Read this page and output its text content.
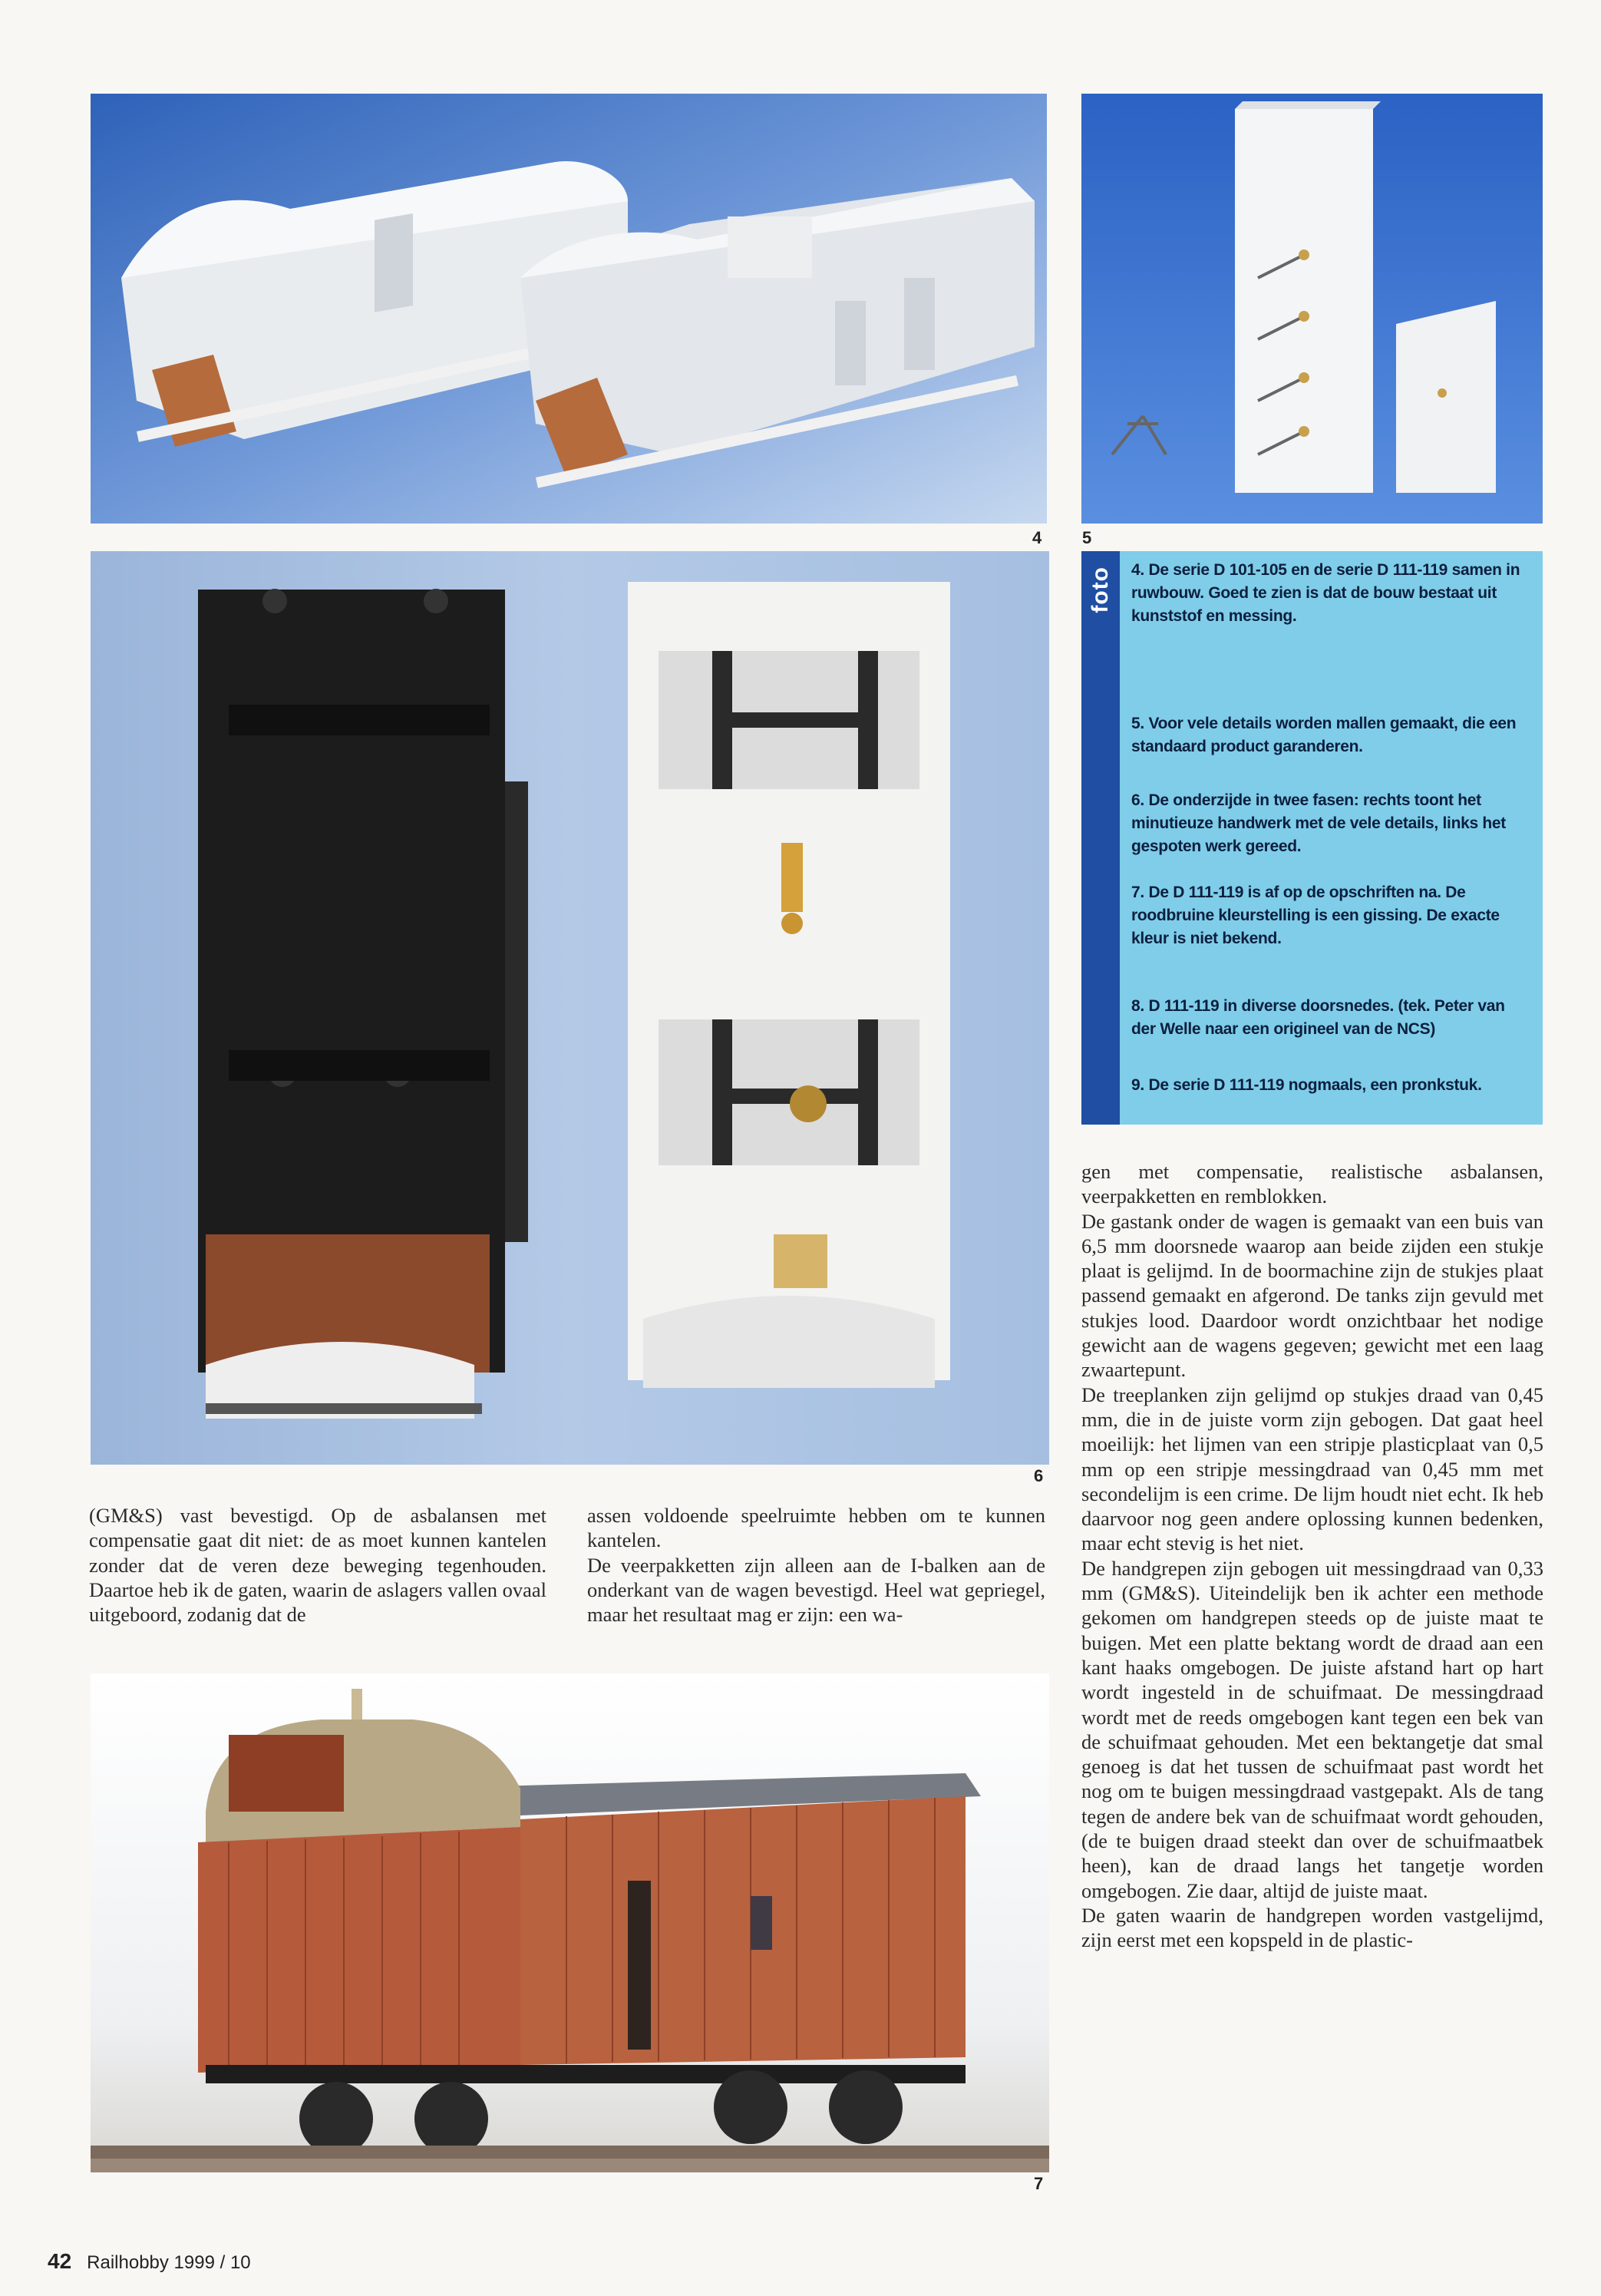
4 5
foto 4. De serie D 101-105 en de serie D 111-119 samen in ruwbouw. Goed te zien is dat de bouw bestaat uit kunststof en messing.
5. Voor vele details worden mallen gemaakt, die een standaard product garanderen.
6. De onderzijde in twee fasen: rechts toont het minutieuze handwerk met de vele details, links het gespoten werk gereed.
7. De D 111-119 is af op de opschriften na. De roodbruine kleurstelling is een gissing. De exacte kleur is niet bekend.
8. D 111-119 in diverse doorsnedes. (tek. Peter van der Welle naar een origineel van de NCS)
9. De serie D 111-119 nogmaals, een pronkstuk.
6
(GM&S) vast bevestigd. Op de asbalansen met compensatie gaat dit niet: de as moet kunnen kantelen zonder dat de veren deze beweging tegenhouden. Daartoe heb ik de gaten, waarin de aslagers vallen ovaal uitgeboord, zodanig dat de

assen voldoende speelruimte hebben om te kunnen kantelen.

De veerpakketten zijn alleen aan de I-balken aan de onderkant van de wagen bevestigd. Heel wat gepriegel, maar het resultaat mag er zijn: een wa-

gen met compensatie, realistische asbalansen, veerpakketten en remblokken.

De gastank onder de wagen is gemaakt van een buis van 6,5 mm doorsnede waarop aan beide zijden een stukje plaat is gelijmd. In de boormachine zijn de stukjes plaat passend gemaakt en afgerond. De tanks zijn gevuld met stukjes lood. Daardoor wordt onzichtbaar het nodige gewicht aan de wagens gegeven; gewicht met een laag zwaartepunt.

De treeplanken zijn gelijmd op stukjes draad van 0,45 mm, die in de juiste vorm zijn gebogen. Dat gaat heel moeilijk: het lijmen van een stripje plasticplaat van 0,5 mm op een stripje messingdraad van 0,45 mm met secondelijm is een crime. De lijm houdt niet echt. Ik heb daarvoor nog geen andere oplossing kunnen bedenken, maar echt stevig is het niet.

De handgrepen zijn gebogen uit messingdraad van 0,33 mm (GM&S). Uiteindelijk ben ik achter een methode gekomen om handgrepen steeds op de juiste maat te buigen. Met een platte bektang wordt de draad aan een kant haaks omgebogen. De juiste afstand hart op hart wordt ingesteld in de schuifmaat. De messingdraad wordt met de reeds omgebogen kant tegen een bek van de schuifmaat gehouden. Met een bektangetje dat smal genoeg is dat het tussen de schuifmaat past wordt het nog om te buigen messingdraad vastgepakt. Als de tang tegen de andere bek van de schuifmaat wordt gehouden, (de te buigen draad steekt dan over de schuifmaatbek heen), kan de draad langs het tangetje worden omgebogen. Zie daar, altijd de juiste maat.

De gaten waarin de handgrepen worden vastgelijmd, zijn eerst met een kopspeld in de plastic-

7
42 Railhobby 1999 / 10
